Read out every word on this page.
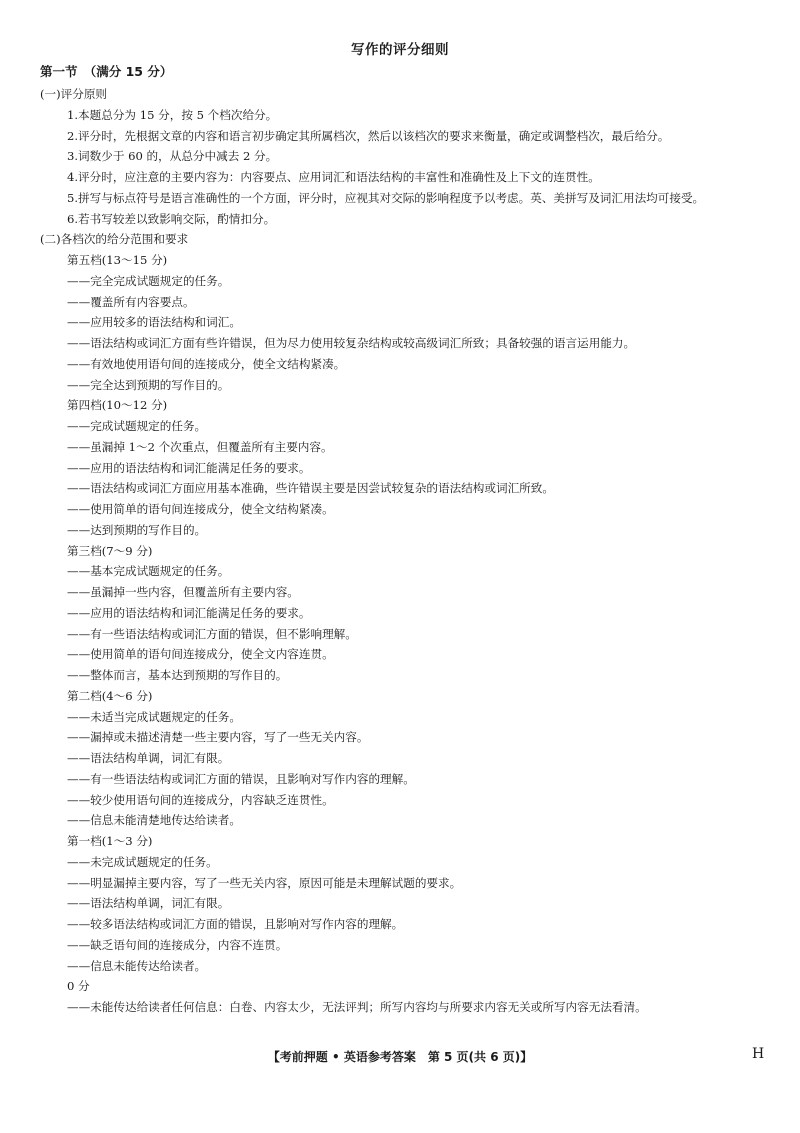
写作的评分细则
第一节　（满分 15 分）
(一)评分原则
1.本题总分为 15 分，按 5 个档次给分。
2.评分时，先根据文章的内容和语言初步确定其所属档次，然后以该档次的要求来衡量，确定或调整档次，最后给分。
3.词数少于 60 的，从总分中减去 2 分。
4.评分时，应注意的主要内容为：内容要点、应用词汇和语法结构的丰富性和准确性及上下文的连贯性。
5.拼写与标点符号是语言准确性的一个方面，评分时，应视其对交际的影响程度予以考虑。英、美拼写及词汇用法均可接受。
6.若书写较差以致影响交际，酌情扣分。
(二)各档次的给分范围和要求
第五档(13～15 分)
——完全完成试题规定的任务。
——覆盖所有内容要点。
——应用较多的语法结构和词汇。
——语法结构或词汇方面有些许错误，但为尽力使用较复杂结构或较高级词汇所致；具备较强的语言运用能力。
——有效地使用语句间的连接成分，使全文结构紧凑。
——完全达到预期的写作目的。
第四档(10～12 分)
——完成试题规定的任务。
——虽漏掉 1～2 个次重点，但覆盖所有主要内容。
——应用的语法结构和词汇能满足任务的要求。
——语法结构或词汇方面应用基本准确，些许错误主要是因尝试较复杂的语法结构或词汇所致。
——使用简单的语句间连接成分，使全文结构紧凑。
——达到预期的写作目的。
第三档(7～9 分)
——基本完成试题规定的任务。
——虽漏掉一些内容，但覆盖所有主要内容。
——应用的语法结构和词汇能满足任务的要求。
——有一些语法结构或词汇方面的错误，但不影响理解。
——使用简单的语句间连接成分，使全文内容连贯。
——整体而言，基本达到预期的写作目的。
第二档(4～6 分)
——未适当完成试题规定的任务。
——漏掉或未描述清楚一些主要内容，写了一些无关内容。
——语法结构单调，词汇有限。
——有一些语法结构或词汇方面的错误，且影响对写作内容的理解。
——较少使用语句间的连接成分，内容缺乏连贯性。
——信息未能清楚地传达给读者。
第一档(1～3 分)
——未完成试题规定的任务。
——明显漏掉主要内容，写了一些无关内容，原因可能是未理解试题的要求。
——语法结构单调，词汇有限。
——较多语法结构或词汇方面的错误，且影响对写作内容的理解。
——缺乏语句间的连接成分，内容不连贯。
——信息未能传达给读者。
0 分
——未能传达给读者任何信息：白卷、内容太少，无法评判；所写内容均与所要求内容无关或所写内容无法看清。
【考前押题 • 英语参考答案　第 5 页(共 6 页)】	H
